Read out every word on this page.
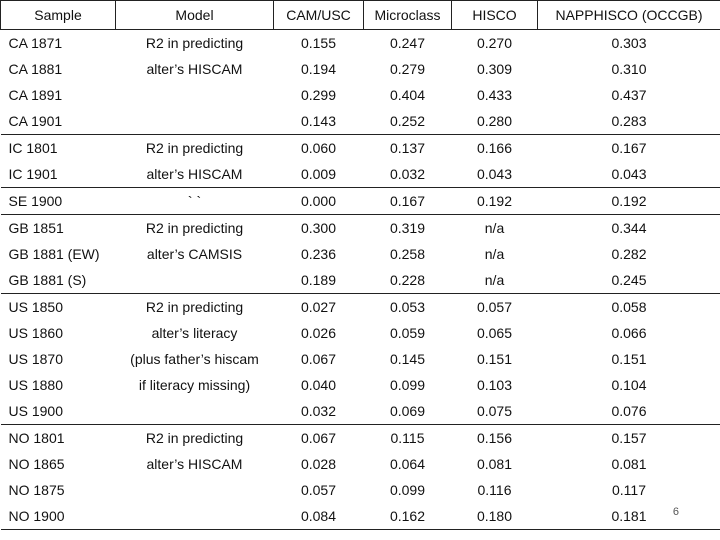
Sample	Model	CAM/USC	Microclass	HISCO	NAPPHISCO (OCCGB)
CA 1871	R2 in predicting	0.155	0.247	0.270	0.303
CA 1881	alter’s HISCAM	0.194	0.279	0.309	0.310
CA 1891		0.299	0.404	0.433	0.437
CA 1901		0.143	0.252	0.280	0.283
IC 1801	R2 in predicting	0.060	0.137	0.166	0.167
IC 1901	alter’s HISCAM	0.009	0.032	0.043	0.043
SE 1900	` `	0.000	0.167	0.192	0.192
GB 1851	R2 in predicting	0.300	0.319	n/a	0.344
GB 1881 (EW)	alter’s CAMSIS	0.236	0.258	n/a	0.282
GB 1881 (S)		0.189	0.228	n/a	0.245
US 1850	R2 in predicting	0.027	0.053	0.057	0.058
US 1860	alter’s literacy	0.026	0.059	0.065	0.066
US 1870	(plus father’s hiscam	0.067	0.145	0.151	0.151
US 1880	if literacy missing)	0.040	0.099	0.103	0.104
US 1900		0.032	0.069	0.075	0.076
NO 1801	R2 in predicting	0.067	0.115	0.156	0.157
NO 1865	alter’s HISCAM	0.028	0.064	0.081	0.081
NO 1875		0.057	0.099	0.116	0.117
NO 1900		0.084	0.162	0.180	0.181 6
